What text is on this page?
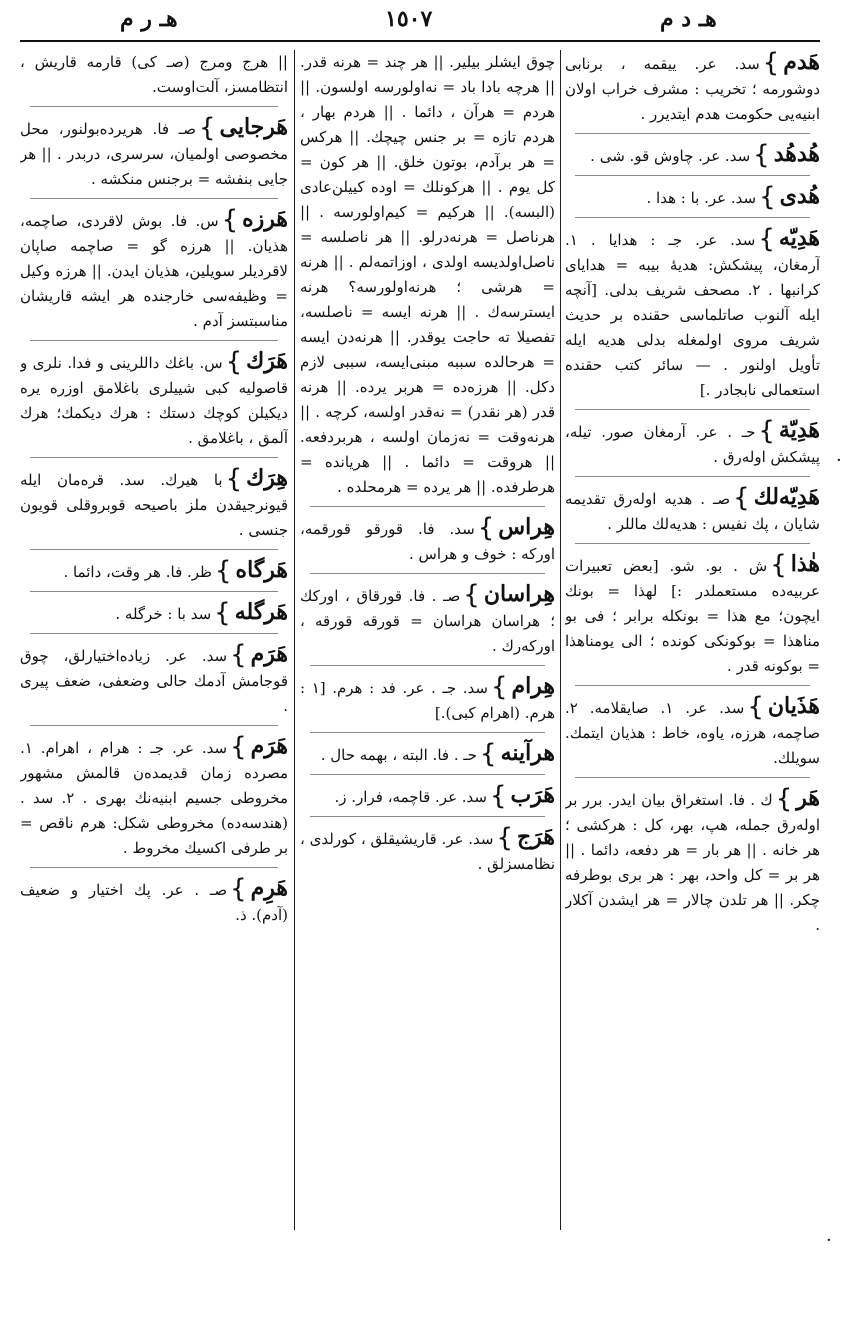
هـ ر م	١٥٠٧	هـ د م
هَدم}سد. عر. ييقمه ، برنابى دوشورمه ؛ تخريب : مشرف خراب اولان ابنيه‌يى حكومت هدم ايتديرر .
هُدهُد}سد. عر. چاوش قو. شى .
هُدى}سد. عر. با : هدا .
هَدِيّه}سد. عر. جـ : هدايا . ١. آرمغان، پيشكش: هديهٔ بيبه = هداياى كرانبها . ٢. مصحف شريف بدلى. [آنچه ايله آلنوب صاتلماسى حقنده بر حديث شريف مروى اولمغله بدلى هديه ايله تأويل اولنور . — سائر كتب حقنده استعمالى نابجادر .]
هَدِيّة}حـ . عر. آرمغان صور. تيله، پيشكش اولەرق .
هَدِيّه‌لك}صـ . هديه اوله‌رق تقديمه شايان ، پك نفيس : هديه‌لك ماللر .
هٰذا}ش . بو. شو. [بعض تعبيرات عربيه‌ده مستعملدر :] لهذا = بونك ايچون؛ مع هذا = بونكله برابر ؛ فى بو مناهذا = بوكونكى كونده ؛ الى يومناهذا = بوكونه قدر .
هَذَيان}سد. عر. ١. صايقلامه. ٢. صاچمه، هرزه، ياوه، خاط : هذيان ايتمك. سويلك.
هَر}ك . فا. استغراق بيان ايدر. برر بر اوله‌رق جمله، هپ، بهر، كل : هركشى ؛ هر خانه . || هر بار = هر دفعه، دائما . || هر بر = كل واحد، بهر : هر برى بوطرفه چكر. || هر تلدن چالار = هر ايشدن آكلار .
چوق ايشلر بيلير. || هر چند = هرنه قدر. || هرچه بادا باد = نه‌اولورسه اولسون. || هردم = هرآن ، دائما . || هردم بهار ، هردم تازه = بر جنس چيچك. || هركس = هر برآدم، بوتون خلق. || هر كون = كل يوم . || هركونلك = اوده كييلن‌عادى (البسه). || هركيم = كيم‌اولورسه . || هرناصل = هرنه‌درلو. || هر ناصلسه = ناصل‌اولدیسه اولدى ، اوزاتمه‌لم . || هرنه = هرشى ؛ هرنه‌اولورسه؟ هرنه ايسترسه‌ك . || هرنه ايسه = ناصلسه، تفصيلا ته حاجت يوقدر. || هرنه‌دن ايسه = هرحالده سببه مبنى‌ايسه، سببى لازم دكل. || هرزه‌ده = هربر يرده. || هرنه قدر (هر نقدر) = نه‌قدر اولسه، كرچه . || هرنه‌وقت = نه‌زمان اولسه ، هربردفعه. || هروقت = دائما . || هريانده = هرطرفده. || هر يرده = هرمحلده .
هِراس}سد. فا. قورقو قورقمه، اوركه : خوف و هراس .
هِراسان}صـ . فا. قورقاق ، اوركك ؛ هراسان هراسان = قورقه قورقه ، اوركه‌رك .
هِرام}سد. جـ . عر. فد : هرم. [١ : هرم. (اهرام كبى).]
هرآينه}حـ . فا. البته ، بهمه حال .
هَرَب}سد. عر. قاچمه، فرار. ز.
هَرَج}سد. عر. قاريشيقلق ، كورلدى ، نظامسزلق .
|| هرج ومرج (صـ كى) قارمه قاريش ، انتظامسز، آلت‌اوست.
هَرجايى}صـ فا. هريرده‌بولنور، محل مخصوصى اولميان، سرسرى، دربدر . || هر جايى بنفشه = برجنس منكشه .
هَرزه}س. فا. بوش لاقردى، صاچمه، هذيان. || هرزه گو = صاچمه صاپان لاقردیلر سويلين، هذيان ايدن. || هرزه وكيل = وظيفه‌سى خارجنده هر ايشه قاريشان مناسبتسز آدم .
هَرَك}س. باغك داللرينى و فدا. نلرى و قاصولیه كبى شييلرى باغلامق اوزره يره ديكيلن كوچك دستك : هرك ديكمك؛ هرك آلمق ، باغلامق .
هِرَك}با هيرك. سد. قره‌مان ايله قيونرجيقدن ملز باصيحه قوبروقلى قويون جنسى .
هَرگاه}ظر. فا. هر وقت، دائما .
هَرگله}سد با : خرگله .
هَرَم}سد. عر. زياده‌اختيارلق، چوق قوجامش آدمك حالى وضعفى، ضعف پيرى .
هَرَم}سد. عر. جـ : هرام ، اهرام. ١. مصرده زمان قديمده‌ن قالمش مشهور مخروطى جسيم ابنيه‌نك بهرى . ٢. سد . (هندسه‌ده) مخروطى شكل: هرم ناقص = بر طرفى اكسيك مخروط .
هَرِم}صـ . عر. پك اختيار و ضعيف (آدم). ذ.
·
·
